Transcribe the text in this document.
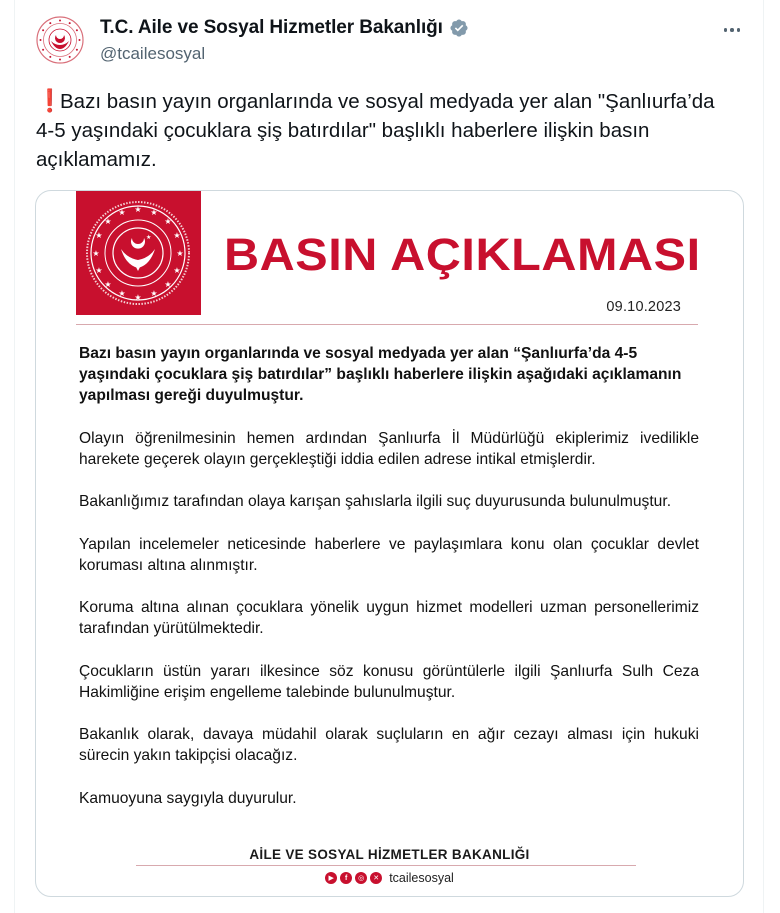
T.C. Aile ve Sosyal Hizmetler Bakanlığı
@tcailesosyal
❗Bazı basın yayın organlarında ve sosyal medyada yer alan "Şanlıurfa’da 4-5 yaşındaki çocuklara şiş batırdılar" başlıklı haberlere ilişkin basın açıklamamız.
★ ★
★
★
★
★
★
★
★
★
★
★
★
★
★
★
★ BASIN AÇIKLAMASI
09.10.2023

Bazı basın yayın organlarında ve sosyal medyada yer alan “Şanlıurfa’da 4-5 yaşındaki çocuklara şiş batırdılar” başlıklı haberlere ilişkin aşağıdaki açıklamanın yapılması gereği duyulmuştur.

Olayın öğrenilmesinin hemen ardından Şanlıurfa İl Müdürlüğü ekiplerimiz ivedilikle harekete geçerek olayın gerçekleştiği iddia edilen adrese intikal etmişlerdir.

Bakanlığımız tarafından olaya karışan şahıslarla ilgili suç duyurusunda bulunulmuştur.

Yapılan incelemeler neticesinde haberlere ve paylaşımlara konu olan çocuklar devlet koruması altına alınmıştır.

Koruma altına alınan çocuklara yönelik uygun hizmet modelleri uzman personellerimiz tarafından yürütülmektedir.

Çocukların üstün yararı ilkesince söz konusu görüntülerle ilgili Şanlıurfa Sulh Ceza Hakimliğine erişim engelleme talebinde bulunulmuştur.

Bakanlık olarak, davaya müdahil olarak suçluların en ağır cezayı alması için hukuki sürecin yakın takipçisi olacağız.

Kamuoyuna saygıyla duyurulur.

AİLE VE SOSYAL HİZMETLER BAKANLIĞI
▶	f	◎	✕ tcailesosyal
